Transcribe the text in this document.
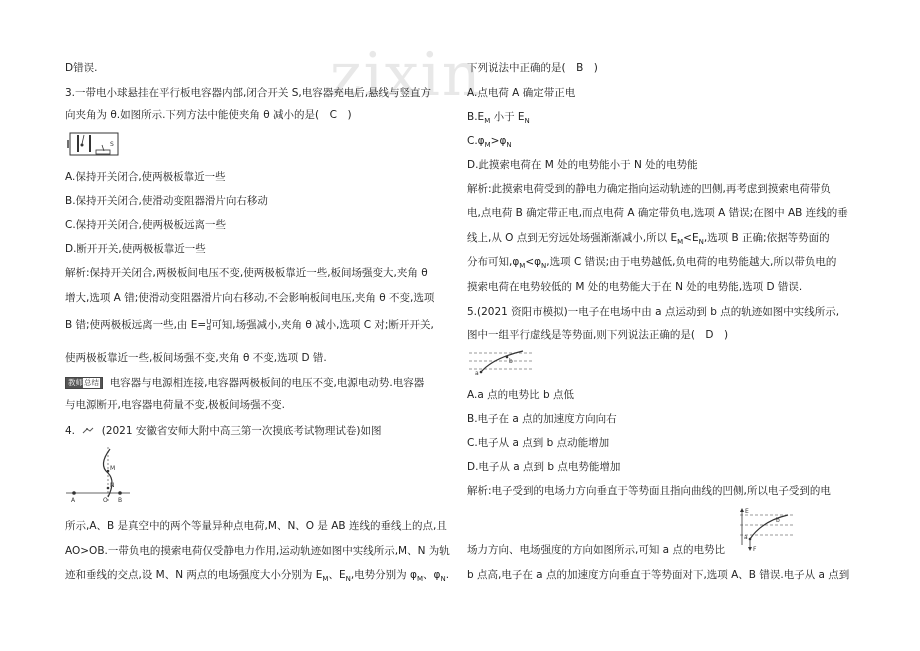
zixin
D错误.
3.一带电小球悬挂在平行板电容器内部,闭合开关 S,电容器充电后,悬线与竖直方
向夹角为 θ.如图所示.下列方法中能使夹角 θ 减小的是(　C　)
S
A.保持开关闭合,使两极板靠近一些
B.保持开关闭合,使滑动变阻器滑片向右移动
C.保持开关闭合,使两极板远离一些
D.断开开关,使两极板靠近一些
解析:保持开关闭合,两极板间电压不变,使两极板靠近一些,板间场强变大,夹角 θ
增大,选项 A 错;使滑动变阻器滑片向右移动,不会影响板间电压,夹角 θ 不变,选项
B 错;使两极板远离一些,由 E=U
d可知,场强减小,夹角 θ 减小,选项 C 对;断开开关,
使两极板靠近一些,板间场强不变,夹角 θ 不变,选项 D 错.
教师总结 电容器与电源相连接,电容器两极板间的电压不变,电源电动势.电容器
与电源断开,电容器电荷量不变,极板间场强不变.
4.	(2021 安徽省安师大附中高三第一次摸底考试物理试卷)如图
M
N
A	O B
所示,A、B 是真空中的两个等量异种点电荷,M、N、O 是 AB 连线的垂线上的点,且
AO>OB.一带负电的摸索电荷仅受静电力作用,运动轨迹如图中实线所示,M、N 为轨
迹和垂线的交点,设 M、N 两点的电场强度大小分别为 $E_M$、$E_N$,电势分别为 $\varphi_M$、$\varphi_N$.
下列说法中正确的是(　B　)
A.点电荷 A 确定带正电
$B.E_M$ 小于 $E_N$
$C.\varphi_M>\varphi_N$
D.此摸索电荷在 M 处的电势能小于 N 处的电势能
解析:此摸索电荷受到的静电力确定指向运动轨迹的凹侧,再考虑到摸索电荷带负
电,点电荷 B 确定带正电,而点电荷 A 确定带负电,选项 A 错误;在图中 AB 连线的垂
线上,从 O 点到无穷远处场强渐渐减小,所以 $E_M<E_N$,选项 B 正确;依据等势面的
分布可知$,\varphi_M<\varphi_N$,选项 C 错误;由于电势越低,负电荷的电势能越大,所以带负电的
摸索电荷在电势较低的 M 处的电势能大于在 N 处的电势能,选项 D 错误.
5.(2021 资阳市模拟)一电子在电场中由 a 点运动到 b 点的轨迹如图中实线所示,
图中一组平行虚线是等势面,则下列说法正确的是(　D　)
a
b
A.a 点的电势比 b 点低
B.电子在 a 点的加速度方向向右
C.电子从 a 点到 b 点动能增加
D.电子从 a 点到 b 点电势能增加
解析:电子受到的电场力方向垂直于等势面且指向曲线的凹侧,所以电子受到的电
E
b
a
F
场力方向、电场强度的方向如图所示,可知 a 点的电势比
b 点高,电子在 a 点的加速度方向垂直于等势面对下,选项 A、B 错误.电子从 a 点到
